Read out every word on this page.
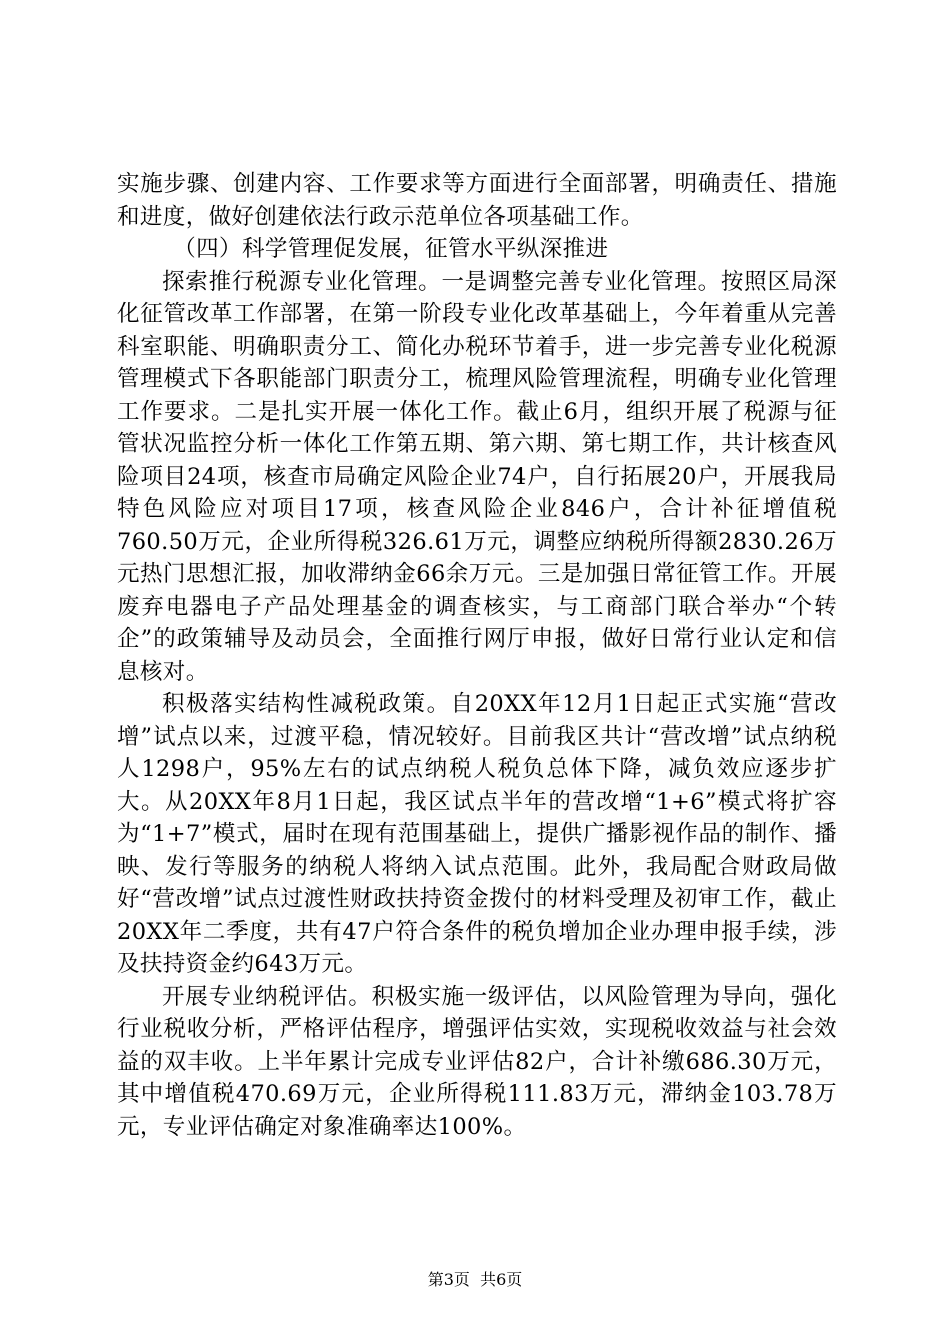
实施步骤、创建内容、工作要求等方面进行全面部署，明确责任、措施和进度，做好创建依法行政示范单位各项基础工作。

（四）科学管理促发展，征管水平纵深推进

探索推行税源专业化管理。一是调整完善专业化管理。按照区局深化征管改革工作部署，在第一阶段专业化改革基础上，今年着重从完善科室职能、明确职责分工、简化办税环节着手，进一步完善专业化税源管理模式下各职能部门职责分工，梳理风险管理流程，明确专业化管理工作要求。二是扎实开展一体化工作。截止6月，组织开展了税源与征管状况监控分析一体化工作第五期、第六期、第七期工作，共计核查风险项目24项，核查市局确定风险企业74户，自行拓展20户，开展我局特色风险应对项目17项，核查风险企业846户，合计补征增值税760.50万元，企业所得税326.61万元，调整应纳税所得额2830.26万元热门思想汇报，加收滞纳金66余万元。三是加强日常征管工作。开展废弃电器电子产品处理基金的调查核实，与工商部门联合举办“个转企”的政策辅导及动员会，全面推行网厅申报，做好日常行业认定和信息核对。

积极落实结构性减税政策。自20XX年12月1日起正式实施“营改增”试点以来，过渡平稳，情况较好。目前我区共计“营改增”试点纳税人1298户，95%左右的试点纳税人税负总体下降，减负效应逐步扩大。从20XX年8月1日起，我区试点半年的营改增“1+6”模式将扩容为“1+7”模式，届时在现有范围基础上，提供广播影视作品的制作、播映、发行等服务的纳税人将纳入试点范围。此外，我局配合财政局做好“营改增”试点过渡性财政扶持资金拨付的材料受理及初审工作，截止20XX年二季度，共有47户符合条件的税负增加企业办理申报手续，涉及扶持资金约643万元。

开展专业纳税评估。积极实施一级评估，以风险管理为导向，强化行业税收分析，严格评估程序，增强评估实效，实现税收效益与社会效益的双丰收。上半年累计完成专业评估82户，合计补缴686.30万元，其中增值税470.69万元，企业所得税111.83万元，滞纳金103.78万元，专业评估确定对象准确率达100%。

第3页 共6页
